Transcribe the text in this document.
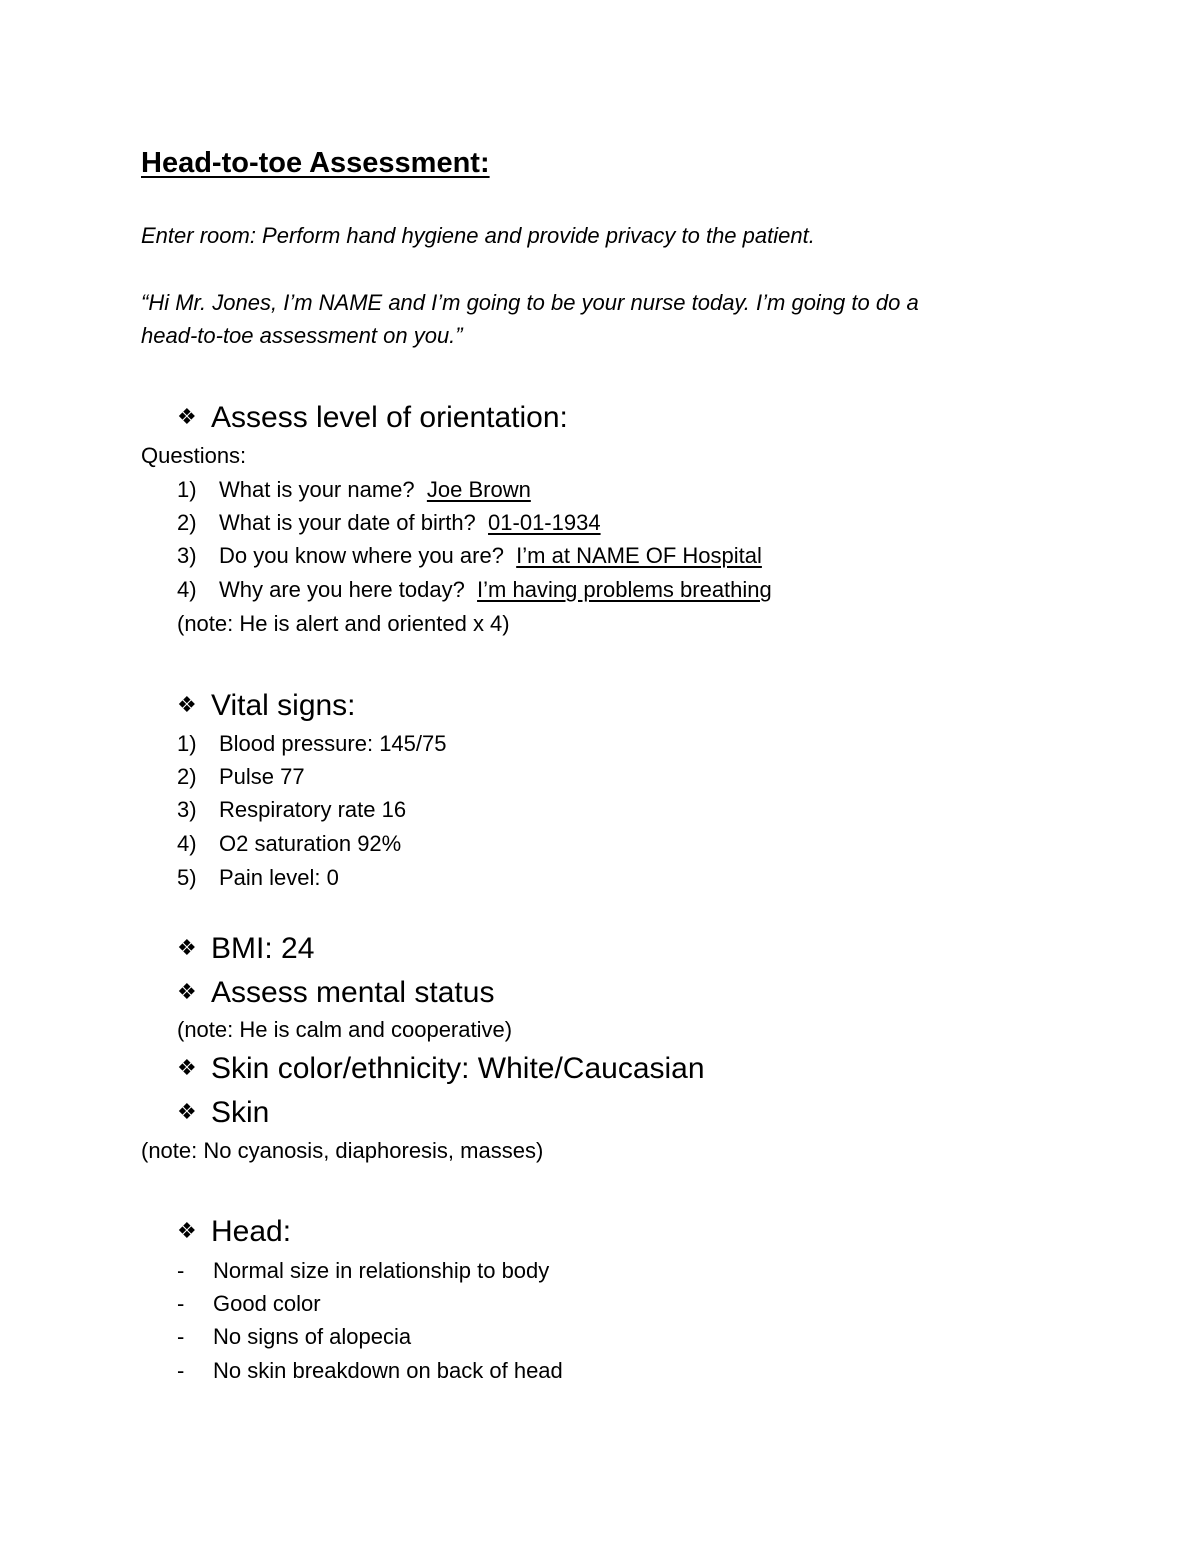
Head-to-toe Assessment:
Enter room: Perform hand hygiene and provide privacy to the patient.
“Hi Mr. Jones, I’m NAME and I’m going to be your nurse today. I’m going to do a
head-to-toe assessment on you.”
❖ Assess level of orientation:
Questions:
1) What is your name? Joe Brown
2) What is your date of birth? 01-01-1934
3) Do you know where you are? I’m at NAME OF Hospital
4) Why are you here today? I’m having problems breathing
(note: He is alert and oriented x 4)
❖ Vital signs:
1) Blood pressure: 145/75
2) Pulse 77
3) Respiratory rate 16
4) O2 saturation 92%
5) Pain level: 0
❖ BMI: 24
❖ Assess mental status
(note: He is calm and cooperative)
❖ Skin color/ethnicity: White/Caucasian
❖ Skin
(note: No cyanosis, diaphoresis, masses)
❖ Head:
- Normal size in relationship to body
- Good color
- No signs of alopecia
- No skin breakdown on back of head
